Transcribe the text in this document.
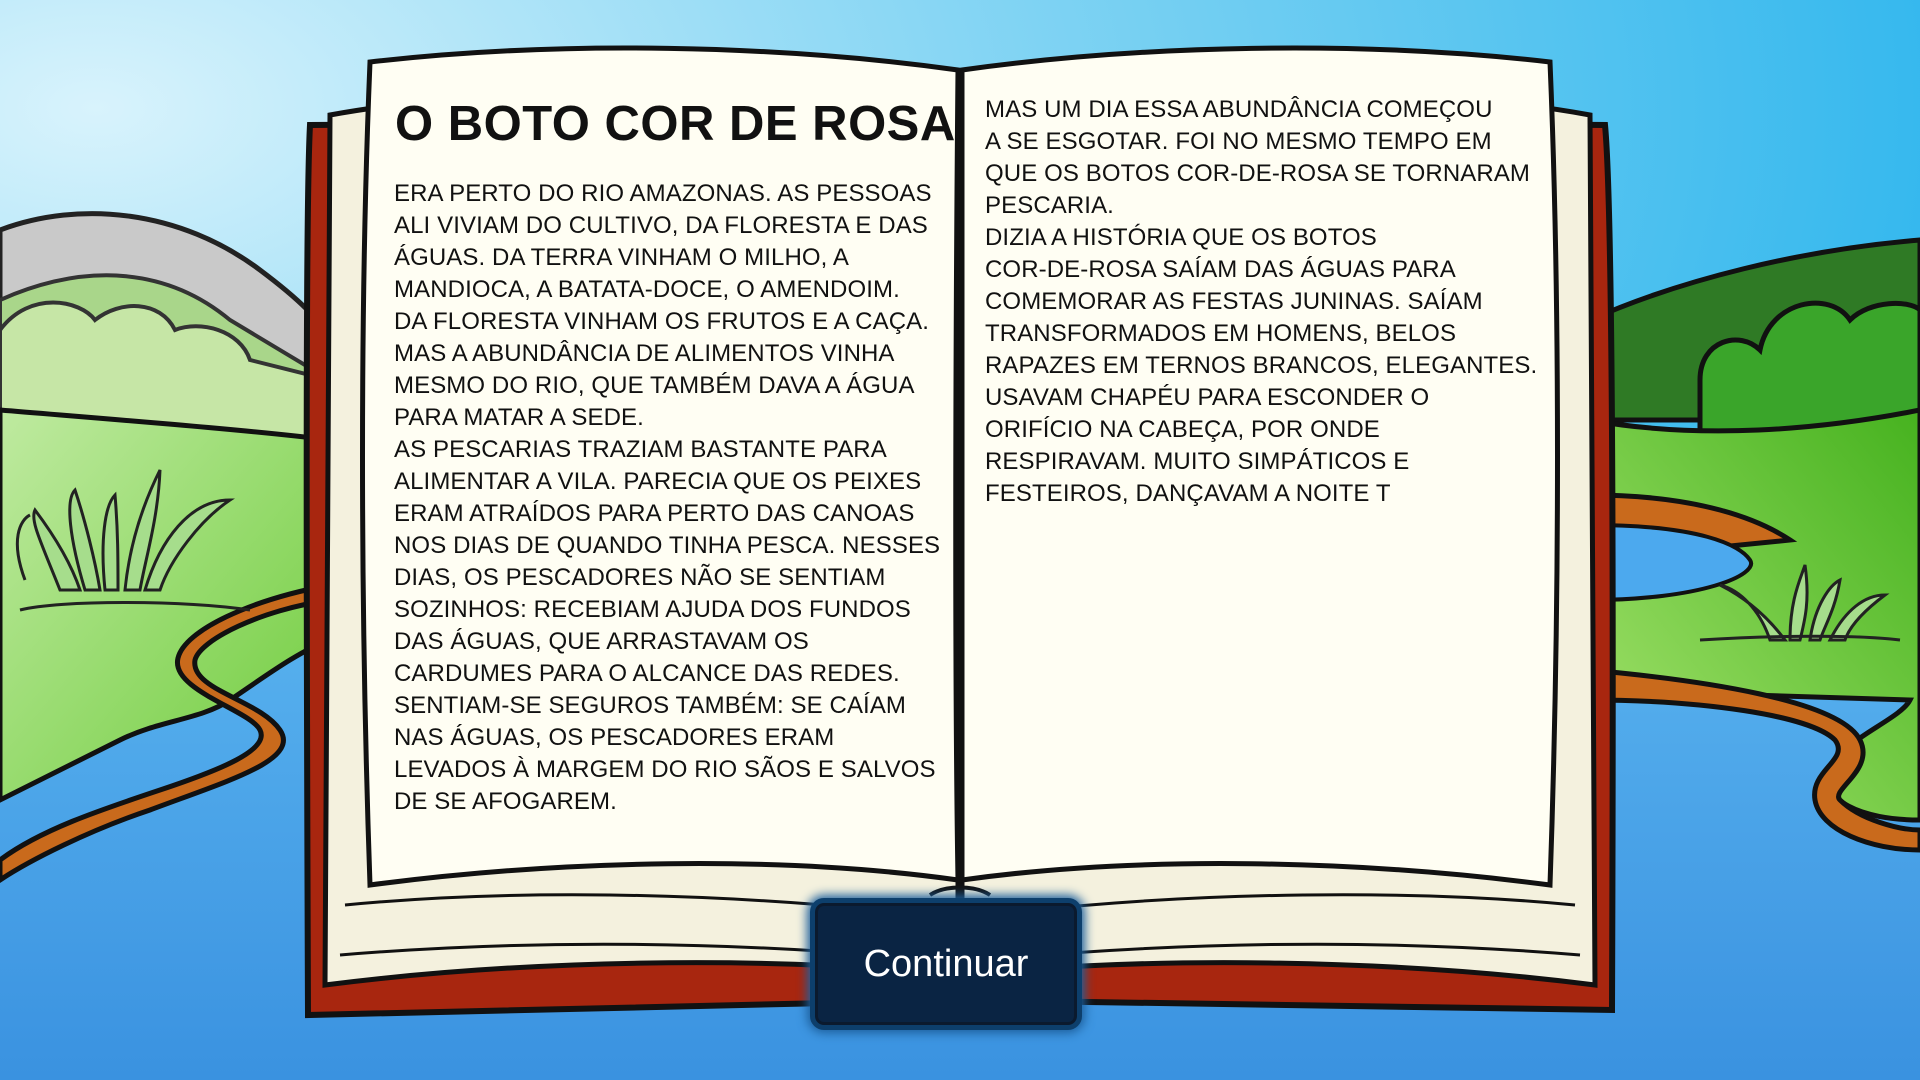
O BOTO COR DE ROSA
ERA PERTO DO RIO AMAZONAS. AS PESSOAS
ALI VIVIAM DO CULTIVO, DA FLORESTA E DAS
ÁGUAS. DA TERRA VINHAM O MILHO, A
MANDIOCA, A BATATA-DOCE, O AMENDOIM.
DA FLORESTA VINHAM OS FRUTOS E A CAÇA.
MAS A ABUNDÂNCIA DE ALIMENTOS VINHA
MESMO DO RIO, QUE TAMBÉM DAVA A ÁGUA
PARA MATAR A SEDE.
AS PESCARIAS TRAZIAM BASTANTE PARA
ALIMENTAR A VILA. PARECIA QUE OS PEIXES
ERAM ATRAÍDOS PARA PERTO DAS CANOAS
NOS DIAS DE QUANDO TINHA PESCA. NESSES
DIAS, OS PESCADORES NÃO SE SENTIAM
SOZINHOS: RECEBIAM AJUDA DOS FUNDOS
DAS ÁGUAS, QUE ARRASTAVAM OS
CARDUMES PARA O ALCANCE DAS REDES.
SENTIAM-SE SEGUROS TAMBÉM: SE CAÍAM
NAS ÁGUAS, OS PESCADORES ERAM
LEVADOS À MARGEM DO RIO SÃOS E SALVOS
DE SE AFOGAREM.
MAS UM DIA ESSA ABUNDÂNCIA COMEÇOU
A SE ESGOTAR. FOI NO MESMO TEMPO EM
QUE OS BOTOS COR-DE-ROSA SE TORNARAM
PESCARIA.
DIZIA A HISTÓRIA QUE OS BOTOS
COR-DE-ROSA SAÍAM DAS ÁGUAS PARA
COMEMORAR AS FESTAS JUNINAS. SAÍAM
TRANSFORMADOS EM HOMENS, BELOS
RAPAZES EM TERNOS BRANCOS, ELEGANTES.
USAVAM CHAPÉU PARA ESCONDER O
ORIFÍCIO NA CABEÇA, POR ONDE
RESPIRAVAM. MUITO SIMPÁTICOS E
FESTEIROS, DANÇAVAM A NOITE T
Continuar
